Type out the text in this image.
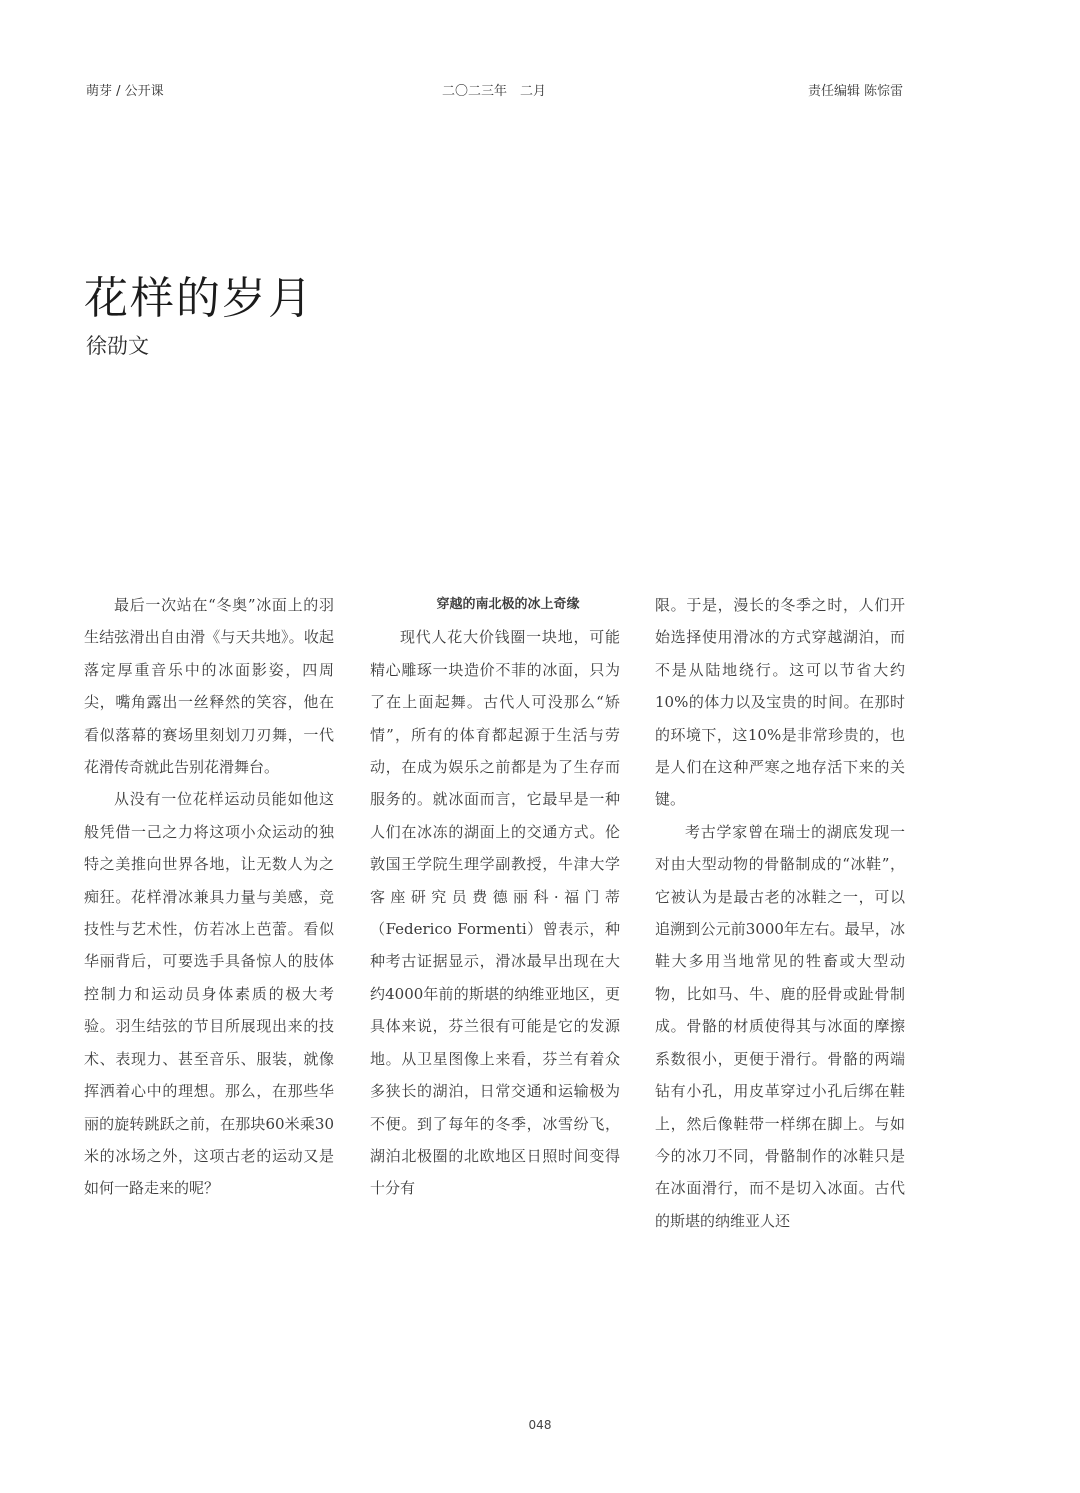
萌芽 / 公开课	二〇二三年　二月	责任编辑 陈悰雷
花样的岁月
徐劭文

最后一次站在“冬奥”冰面上的羽生结弦滑出自由滑《与天共地》。收起落定厚重音乐中的冰面影姿，四周尖，嘴角露出一丝释然的笑容，他在看似落幕的赛场里刻划刀刃舞，一代花滑传奇就此告别花滑舞台。

从没有一位花样运动员能如他这般凭借一己之力将这项小众运动的独特之美推向世界各地，让无数人为之痴狂。花样滑冰兼具力量与美感，竞技性与艺术性，仿若冰上芭蕾。看似华丽背后，可要选手具备惊人的肢体控制力和运动员身体素质的极大考验。羽生结弦的节目所展现出来的技术、表现力、甚至音乐、服装，就像挥洒着心中的理想。那么，在那些华丽的旋转跳跃之前，在那块60米乘30米的冰场之外，这项古老的运动又是如何一路走来的呢？

穿越的南北极的冰上奇缘

现代人花大价钱圈一块地，可能精心雕琢一块造价不菲的冰面，只为了在上面起舞。古代人可没那么“矫情”，所有的体育都起源于生活与劳动，在成为娱乐之前都是为了生存而服务的。就冰面而言，它最早是一种人们在冰冻的湖面上的交通方式。伦敦国王学院生理学副教授，牛津大学客座研究员费德丽科·福门蒂（Federico Formenti）曾表示，种种考古证据显示，滑冰最早出现在大约4000年前的斯堪的纳维亚地区，更具体来说，芬兰很有可能是它的发源地。从卫星图像上来看，芬兰有着众多狭长的湖泊，日常交通和运输极为不便。到了每年的冬季，冰雪纷飞，湖泊北极圈的北欧地区日照时间变得十分有

限。于是，漫长的冬季之时，人们开始选择使用滑冰的方式穿越湖泊，而不是从陆地绕行。这可以节省大约10%的体力以及宝贵的时间。在那时的环境下，这10%是非常珍贵的，也是人们在这种严寒之地存活下来的关键。

考古学家曾在瑞士的湖底发现一对由大型动物的骨骼制成的“冰鞋”，它被认为是最古老的冰鞋之一，可以追溯到公元前3000年左右。最早，冰鞋大多用当地常见的牲畜或大型动物，比如马、牛、鹿的胫骨或趾骨制成。骨骼的材质使得其与冰面的摩擦系数很小，更便于滑行。骨骼的两端钻有小孔，用皮革穿过小孔后绑在鞋上，然后像鞋带一样绑在脚上。与如今的冰刀不同，骨骼制作的冰鞋只是在冰面滑行，而不是切入冰面。古代的斯堪的纳维亚人还

048
